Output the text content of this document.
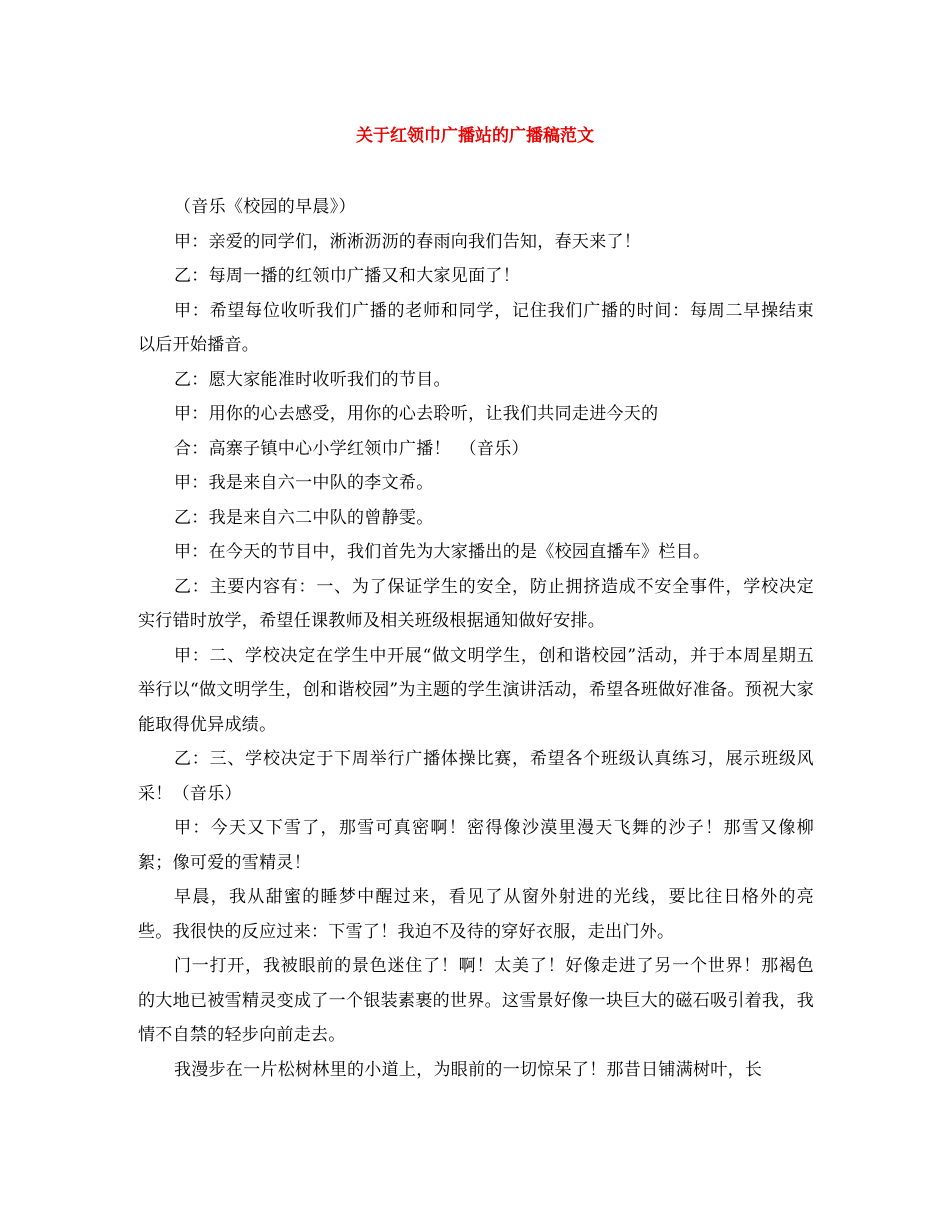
关于红领巾广播站的广播稿范文

（音乐《校园的早晨》）

甲：亲爱的同学们，淅淅沥沥的春雨向我们告知，春天来了！

乙：每周一播的红领巾广播又和大家见面了！

甲：希望每位收听我们广播的老师和同学，记住我们广播的时间：每周二早操结束以后开始播音。

乙：愿大家能准时收听我们的节目。

甲：用你的心去感受，用你的心去聆听，让我们共同走进今天的

合：高寨子镇中心小学红领巾广播！　（音乐）

甲：我是来自六一中队的李文希。

乙：我是来自六二中队的曾静雯。

甲：在今天的节目中，我们首先为大家播出的是《校园直播车》栏目。

乙：主要内容有：一、为了保证学生的安全，防止拥挤造成不安全事件，学校决定实行错时放学，希望任课教师及相关班级根据通知做好安排。

甲：二、学校决定在学生中开展“做文明学生，创和谐校园”活动，并于本周星期五举行以“做文明学生，创和谐校园”为主题的学生演讲活动，希望各班做好准备。预祝大家能取得优异成绩。

乙：三、学校决定于下周举行广播体操比赛，希望各个班级认真练习，展示班级风采！（音乐）

甲：今天又下雪了，那雪可真密啊！密得像沙漠里漫天飞舞的沙子！那雪又像柳絮；像可爱的雪精灵！

早晨，我从甜蜜的睡梦中醒过来，看见了从窗外射进的光线，要比往日格外的亮些。我很快的反应过来：下雪了！我迫不及待的穿好衣服，走出门外。

门一打开，我被眼前的景色迷住了！啊！太美了！好像走进了另一个世界！那褐色的大地已被雪精灵变成了一个银装素裹的世界。这雪景好像一块巨大的磁石吸引着我，我情不自禁的轻步向前走去。

我漫步在一片松树林里的小道上，为眼前的一切惊呆了！那昔日铺满树叶，长
